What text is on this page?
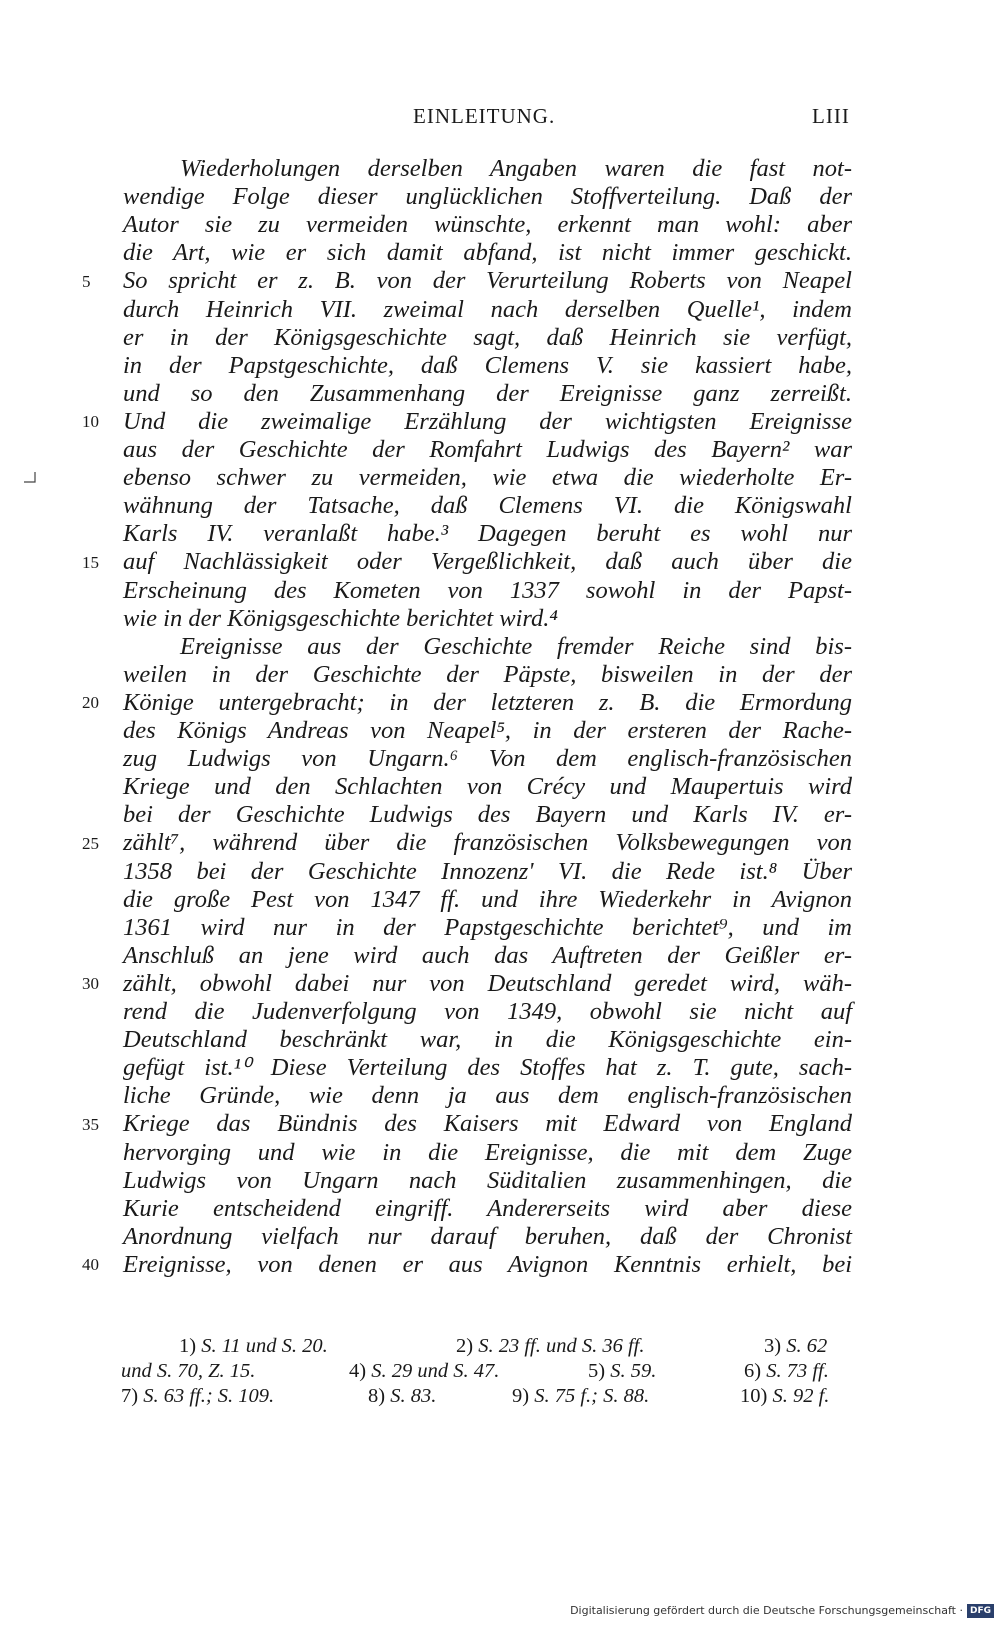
EINLEITUNG.	LIII
Wiederholungen derselben Angaben waren die fast not-
wendige Folge dieser unglücklichen Stoffverteilung. Daß der
Autor sie zu vermeiden wünschte, erkennt man wohl: aber
die Art, wie er sich damit abfand, ist nicht immer geschickt.
So spricht er z. B. von der Verurteilung Roberts von Neapel
durch Heinrich VII. zweimal nach derselben Quelle¹, indem
er in der Königsgeschichte sagt, daß Heinrich sie verfügt,
in der Papstgeschichte, daß Clemens V. sie kassiert habe,
und so den Zusammenhang der Ereignisse ganz zerreißt.
Und die zweimalige Erzählung der wichtigsten Ereignisse
aus der Geschichte der Romfahrt Ludwigs des Bayern² war
ebenso schwer zu vermeiden, wie etwa die wiederholte Er-
wähnung der Tatsache, daß Clemens VI. die Königswahl
Karls IV. veranlaßt habe.³ Dagegen beruht es wohl nur
auf Nachlässigkeit oder Vergeßlichkeit, daß auch über die
Erscheinung des Kometen von 1337 sowohl in der Papst-
wie in der Königsgeschichte berichtet wird.⁴
Ereignisse aus der Geschichte fremder Reiche sind bis-
weilen in der Geschichte der Päpste, bisweilen in der der
Könige untergebracht; in der letzteren z. B. die Ermordung
des Königs Andreas von Neapel⁵, in der ersteren der Rache-
zug Ludwigs von Ungarn.⁶ Von dem englisch-französischen
Kriege und den Schlachten von Crécy und Maupertuis wird
bei der Geschichte Ludwigs des Bayern und Karls IV. er-
zählt⁷, während über die französischen Volksbewegungen von
1358 bei der Geschichte Innozenz' VI. die Rede ist.⁸ Über
die große Pest von 1347 ff. und ihre Wiederkehr in Avignon
1361 wird nur in der Papstgeschichte berichtet⁹, und im
Anschluß an jene wird auch das Auftreten der Geißler er-
zählt, obwohl dabei nur von Deutschland geredet wird, wäh-
rend die Judenverfolgung von 1349, obwohl sie nicht auf
Deutschland beschränkt war, in die Königsgeschichte ein-
gefügt ist.¹⁰ Diese Verteilung des Stoffes hat z. T. gute, sach-
liche Gründe, wie denn ja aus dem englisch-französischen
Kriege das Bündnis des Kaisers mit Edward von England
hervorging und wie in die Ereignisse, die mit dem Zuge
Ludwigs von Ungarn nach Süditalien zusammenhingen, die
Kurie entscheidend eingriff. Andererseits wird aber diese
Anordnung vielfach nur darauf beruhen, daß der Chronist
Ereignisse, von denen er aus Avignon Kenntnis erhielt, bei
5
10
15
20
25
30
35
40
1) S. 11 und S. 20.	2) S. 23 ff. und S. 36 ff.	3) S. 62
und S. 70, Z. 15.	4) S. 29 und S. 47.	5) S. 59.	6) S. 73 ff.
7) S. 63 ff.; S. 109.	8) S. 83.	9) S. 75 f.; S. 88.	10) S. 92 f.
Digitalisierung gefördert durch die Deutsche Forschungsgemeinschaft · DFG
